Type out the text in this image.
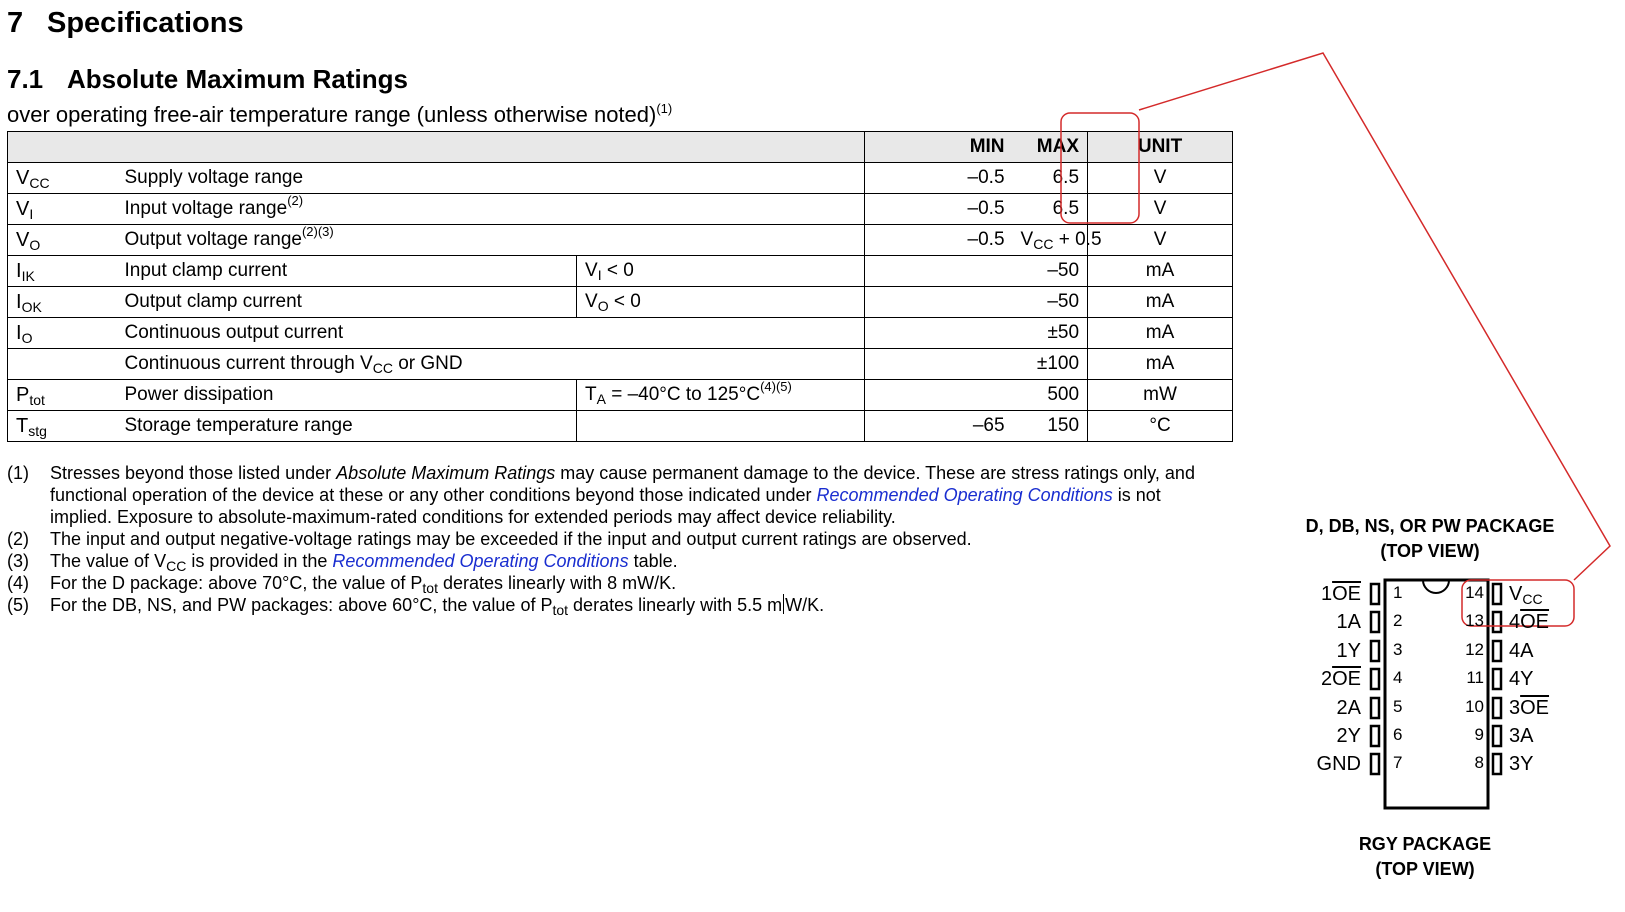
7 Specifications
7.1 Absolute Maximum Ratings
over operating free-air temperature range (unless otherwise noted)$^{(1)}$
			MIN	MAX	UNIT
$V_{CC}$	Supply voltage range		–0.5	6.5	V
$V_I$	Input voltage range$^{(2)}$		–0.5	6.5	V
$V_O$	Output voltage range$^{(2)(3)}$		–0.5	$V_{CC} + 0.5$	V
$I_{IK}$	Input clamp current	$V_I < 0$		–50	mA
$I_{OK}$	Output clamp current	$V_O < 0$		–50	mA
$I_O$	Continuous output current			±50	mA
	Continuous current through $V_{CC}$ or GND			±100	mA
$P_{tot}$	Power dissipation	$T_A = -40^\circ C$ to $125^\circ C^{(4)(5)}$		500	mW
$T_{stg}$	Storage temperature range		–65	150	°C
(1)	Stresses beyond those listed under Absolute Maximum Ratings may cause permanent damage to the device. These are stress ratings only, and functional operation of the device at these or any other conditions beyond those indicated under Recommended Operating Conditions is not implied. Exposure to absolute-maximum-rated conditions for extended periods may affect device reliability.
(2)	The input and output negative-voltage ratings may be exceeded if the input and output current ratings are observed.
(3)	The value of $V_{CC}$ is provided in the Recommended Operating Conditions table.
(4)	For the D package: above 70°C, the value of $P_{tot}$ derates linearly with 8 mW/K.
(5)	For the DB, NS, and PW packages: above 60°C, the value of $P_{tot}$ derates linearly with 5.5 m W/K.
D, DB, NS, OR PW PACKAGE
(TOP VIEW)
RGY PACKAGE
(TOP VIEW)
$1\overline{OE}$ 1
1A 2
1Y 3
$2\overline{OE}$ 4
2A 5
2Y 6
GND 7
$V_{CC}$
14
$4\overline{OE}$
13
4A
12
4Y
11
$3\overline{OE}$
10
3A
9
3Y
8
